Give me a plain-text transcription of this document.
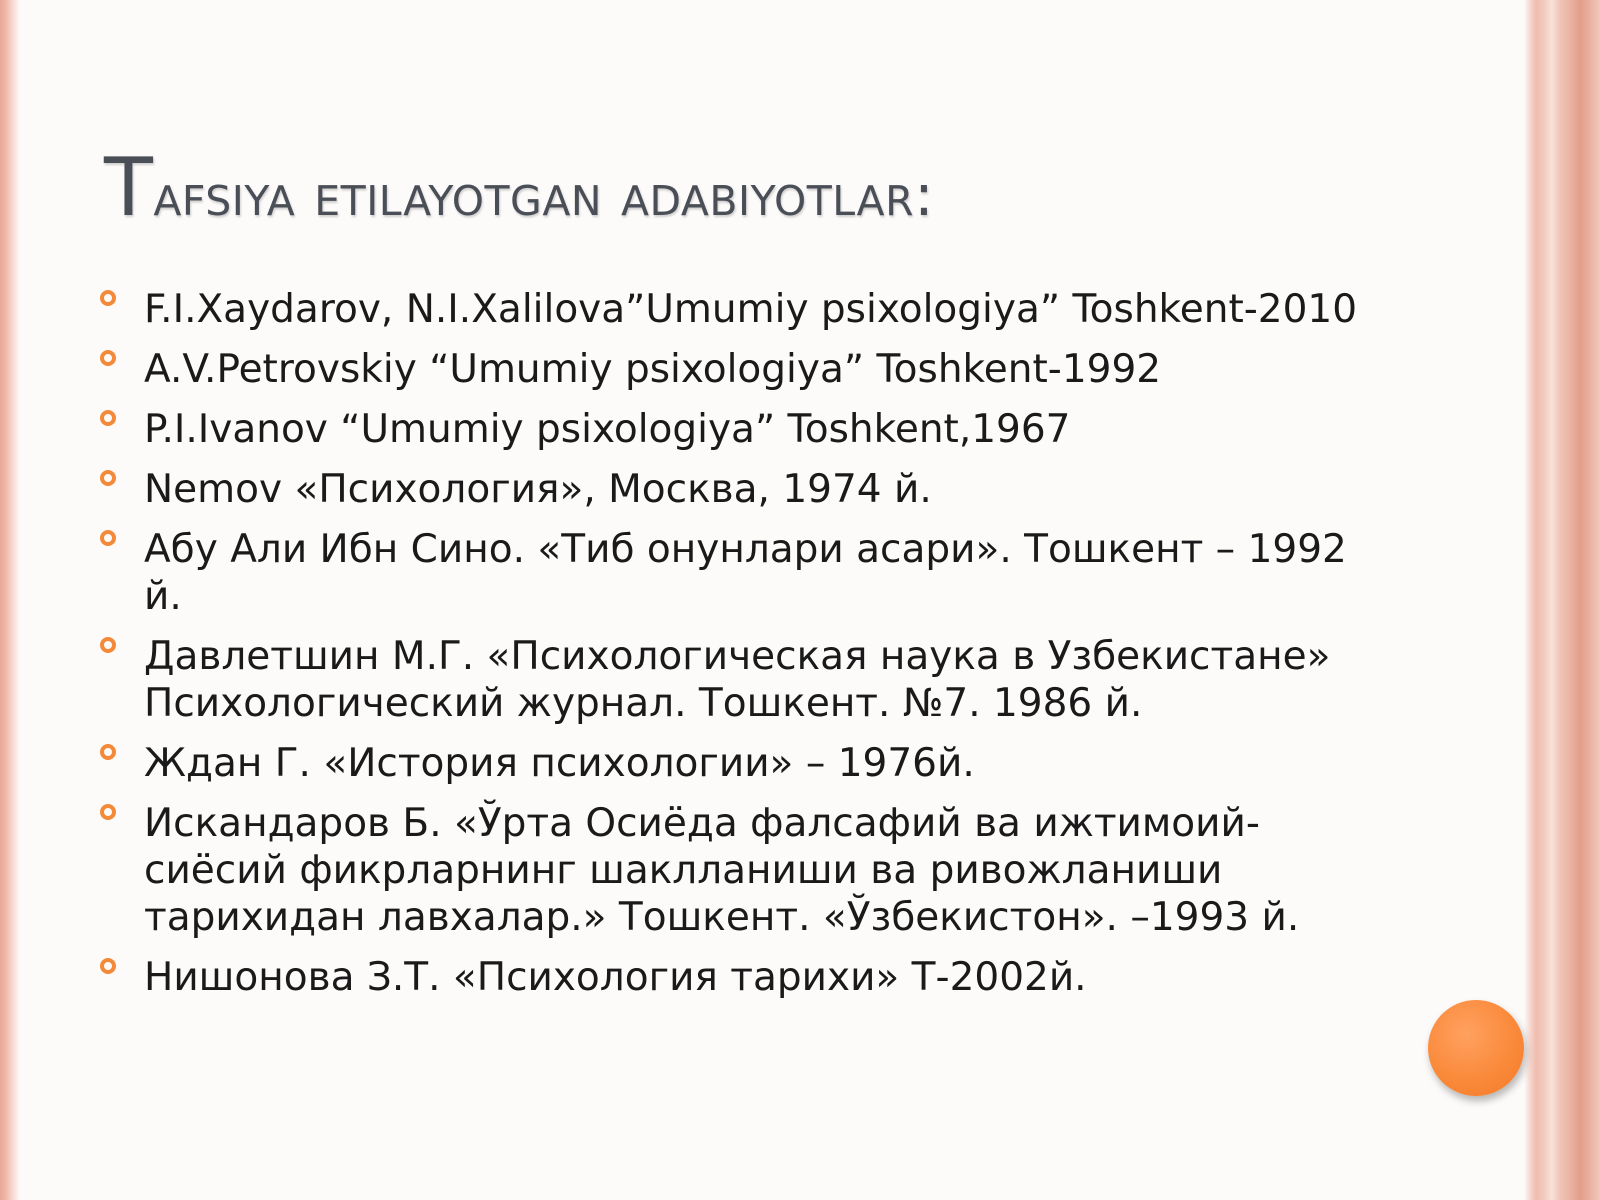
Tafsiya etilayotgan adabiyotlar:
F.I.Xaydarov, N.I.Xalilova”Umumiy psixologiya” Toshkent-2010
A.V.Petrovskiy “Umumiy psixologiya” Toshkent-1992
P.I.Ivanov “Umumiy psixologiya” Toshkent,1967
Nemov «Психология», Москва, 1974 й.
Абу Али Ибн Сино. «Тиб онунлари асари». Тошкент – 1992 й.
Давлетшин М.Г. «Психологическая наука в Узбекистане» Психологический журнал. Тошкент. №7. 1986 й.
Ждан Г. «История психологии» – 1976й.
Искандаров Б. «Ўрта Осиёда фалсафий ва ижтимоий-сиёсий фикрларнинг шаклланиши ва ривожланиши тарихидан лавхалар.» Тошкент. «Ўзбекистон». –1993 й.
Нишонова З.Т. «Психология тарихи» Т-2002й.
